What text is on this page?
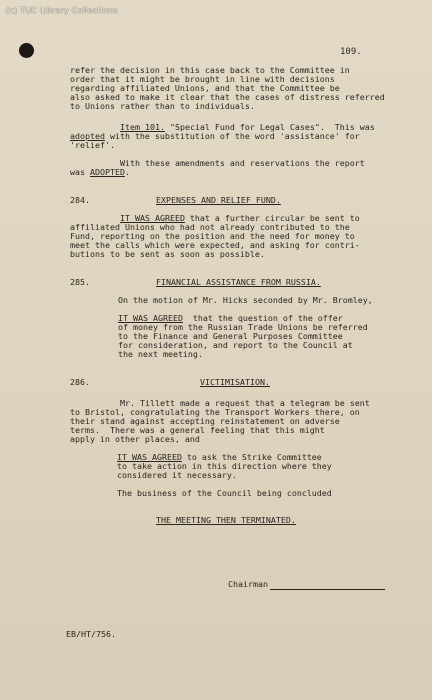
(c) TUC Library Collections
109.
refer the decision in this case back to the Committee in
order that it might be brought in line with decisions
regarding affiliated Unions, and that the Committee be
also asked to make it clear that the cases of distress referred
to Unions rather than to individuals.
Item 101. "Special Fund for Legal Cases".  This was
adopted with the substitution of the word 'assistance' for
'relief'.
With these amendments and reservations the report
was ADOPTED.
284.	EXPENSES AND RELIEF FUND.
IT WAS AGREED that a further circular be sent to
affiliated Unions who had not already contributed to the
Fund, reporting on the position and the need for money to
meet the calls which were expected, and asking for contri-
butions to be sent as soon as possible.
285.	FINANCIAL ASSISTANCE FROM RUSSIA.
On the motion of Mr. Hicks seconded by Mr. Bromley,
IT WAS AGREED  that the question of the offer
of money from the Russian Trade Unions be referred
to the Finance and General Purposes Committee
for consideration, and report to the Council at
the next meeting.
286.	VICTIMISATION.
Mr. Tillett made a request that a telegram be sent
to Bristol, congratulating the Transport Workers there, on
their stand against accepting reinstatement on adverse
terms.  There was a general feeling that this might
apply in other places, and
IT WAS AGREED to ask the Strike Committee
to take action in this direction where they
considered it necessary.
The business of the Council being concluded
THE MEETING THEN TERMINATED.
Chairman
EB/HT/756.
